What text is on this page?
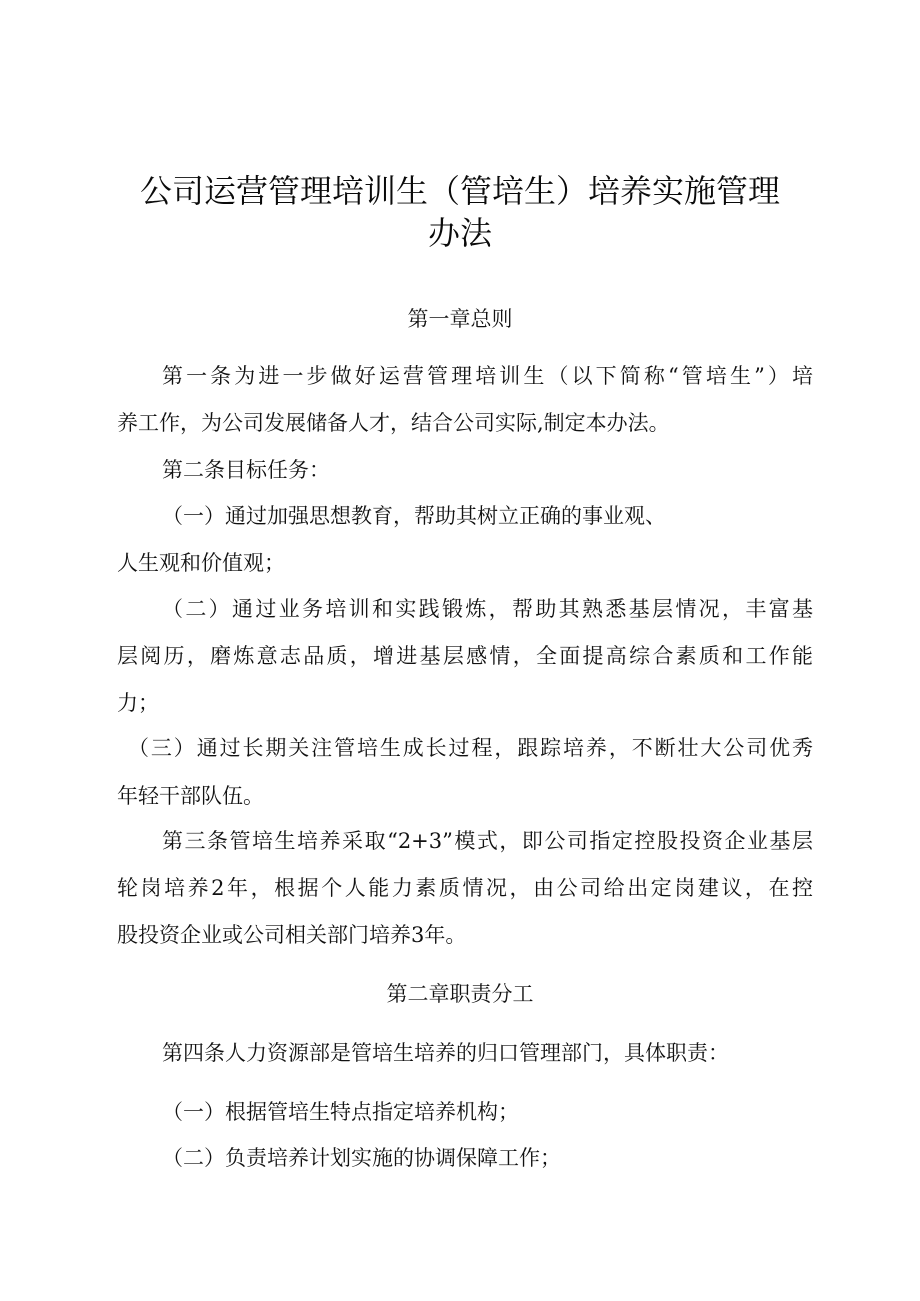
公司运营管理培训生（管培生）培养实施管理
办法
第一章总则
第一条为进一步做好运营管理培训生（以下简称“管培生”）培
养工作，为公司发展储备人才，结合公司实际,制定本办法。
第二条目标任务：
（一）通过加强思想教育，帮助其树立正确的事业观、
人生观和价值观；
（二）通过业务培训和实践锻炼，帮助其熟悉基层情况，丰富基
层阅历，磨炼意志品质，增进基层感情，全面提高综合素质和工作能
力；
（三）通过长期关注管培生成长过程，跟踪培养，不断壮大公司优秀
年轻干部队伍。
第三条管培生培养采取“2+3”模式，即公司指定控股投资企业基层
轮岗培养2年，根据个人能力素质情况，由公司给出定岗建议，在控
股投资企业或公司相关部门培养3年。
第二章职责分工
第四条人力资源部是管培生培养的归口管理部门，具体职责：
（一）根据管培生特点指定培养机构；
（二）负责培养计划实施的协调保障工作；
